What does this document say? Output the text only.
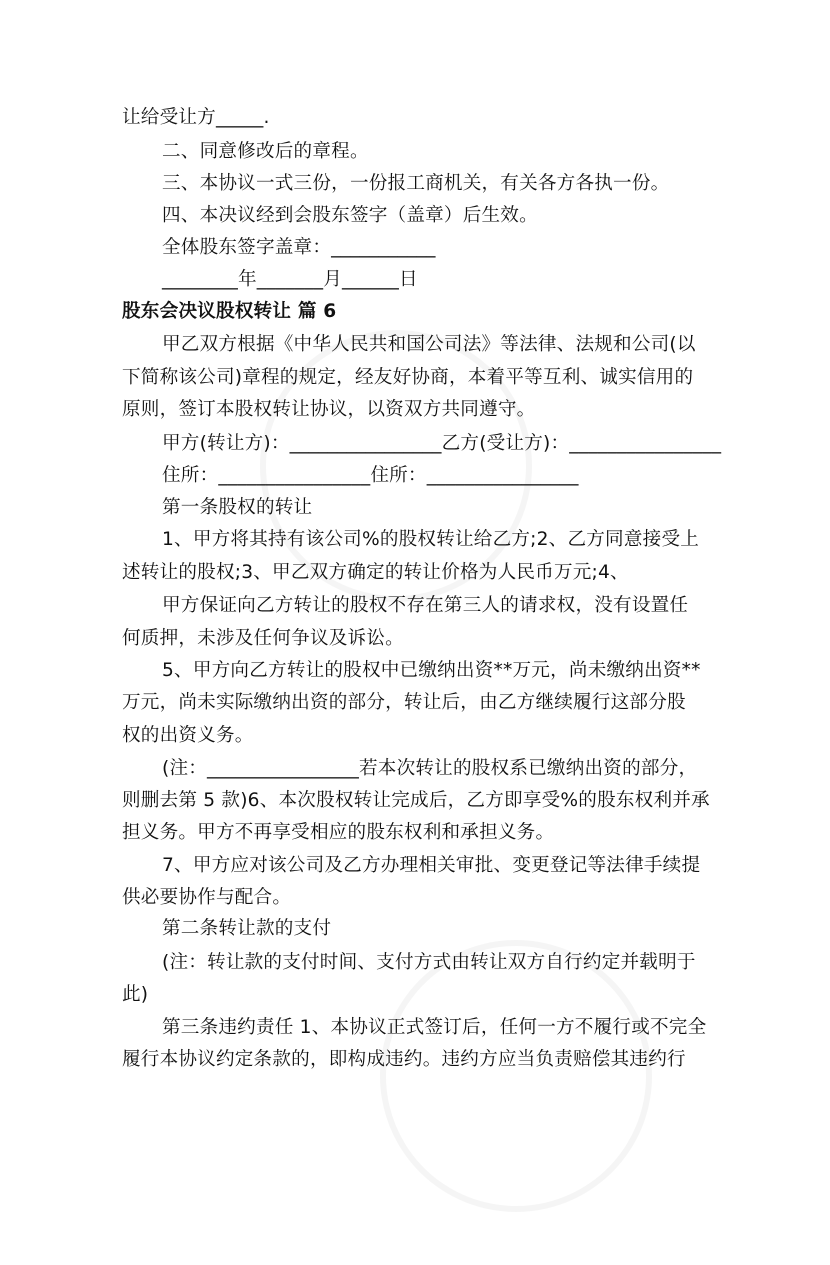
让给受让方_____.
二、同意修改后的章程。
三、本协议一式三份，一份报工商机关，有关各方各执一份。
四、本决议经到会股东签字（盖章）后生效。
全体股东签字盖章：___________
________年_______月______日
股东会决议股权转让 篇 6
甲乙双方根据《中华人民共和国公司法》等法律、法规和公司(以
下简称该公司)章程的规定，经友好协商，本着平等互利、诚实信用的
原则，签订本股权转让协议，以资双方共同遵守。
甲方(转让方)：________________乙方(受让方)：________________
住所：________________住所：________________
第一条股权的转让
1、甲方将其持有该公司%的股权转让给乙方;2、乙方同意接受上
述转让的股权;3、甲乙双方确定的转让价格为人民币万元;4、
甲方保证向乙方转让的股权不存在第三人的请求权，没有设置任
何质押，未涉及任何争议及诉讼。
5、甲方向乙方转让的股权中已缴纳出资**万元，尚未缴纳出资**
万元，尚未实际缴纳出资的部分，转让后，由乙方继续履行这部分股
权的出资义务。
(注：________________若本次转让的股权系已缴纳出资的部分，
则删去第 5 款)6、本次股权转让完成后，乙方即享受%的股东权利并承
担义务。甲方不再享受相应的股东权利和承担义务。
7、甲方应对该公司及乙方办理相关审批、变更登记等法律手续提
供必要协作与配合。
第二条转让款的支付
(注：转让款的支付时间、支付方式由转让双方自行约定并载明于
此)
第三条违约责任 1、本协议正式签订后，任何一方不履行或不完全
履行本协议约定条款的，即构成违约。违约方应当负责赔偿其违约行
